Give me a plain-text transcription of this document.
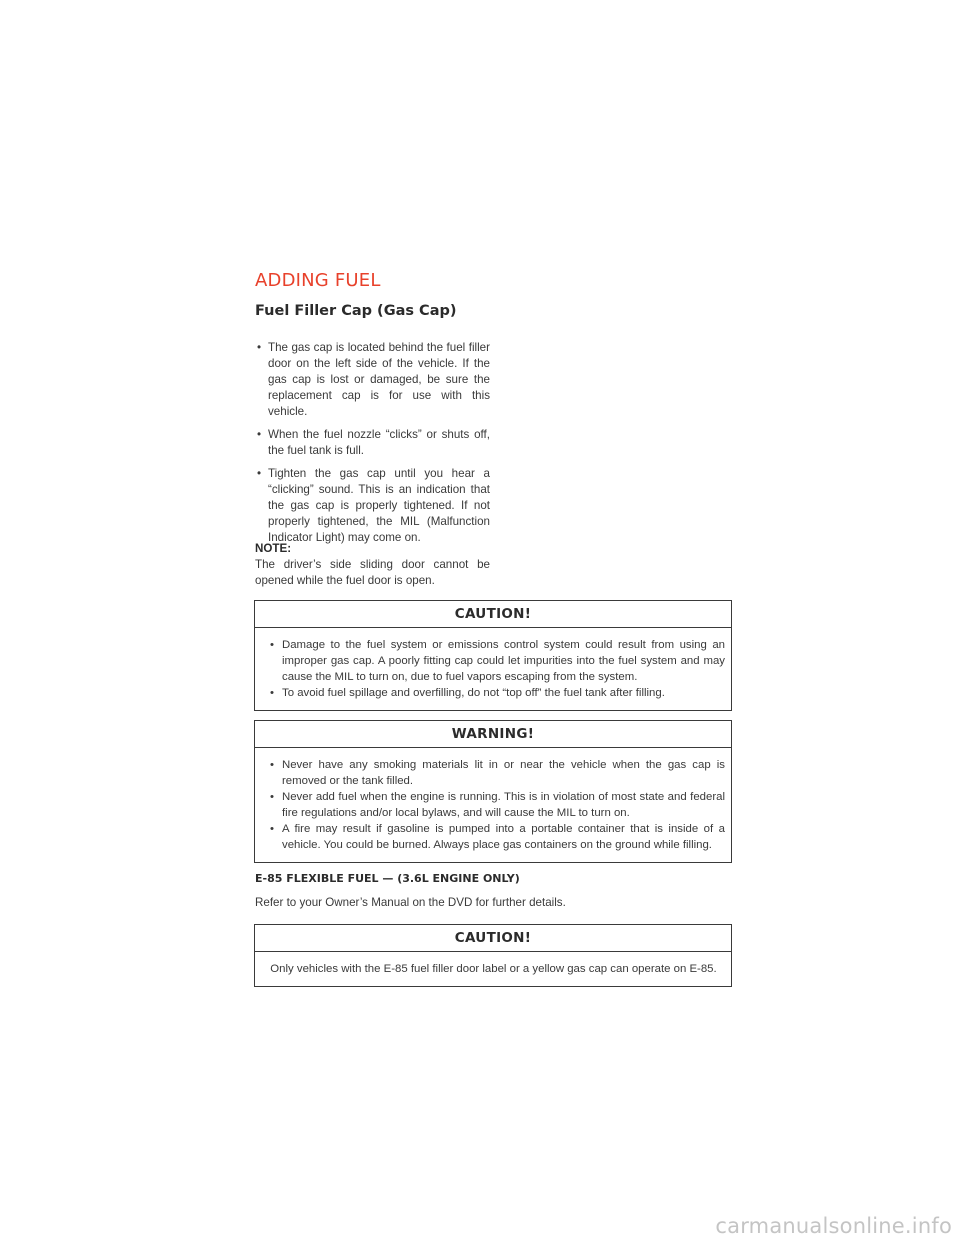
ADDING FUEL
Fuel Filler Cap (Gas Cap)
• The gas cap is located behind the fuel filler door on the left side of the vehicle. If the gas cap is lost or damaged, be sure the replacement cap is for use with this vehicle.
• When the fuel nozzle “clicks” or shuts off, the fuel tank is full.
• Tighten the gas cap until you hear a “clicking” sound. This is an indication that the gas cap is properly tightened. If not properly tightened, the MIL (Malfunction Indicator Light) may come on.
NOTE:
The driver’s side sliding door cannot be opened while the fuel door is open.
CAUTION!
• Damage to the fuel system or emissions control system could result from using an improper gas cap. A poorly fitting cap could let impurities into the fuel system and may cause the MIL to turn on, due to fuel vapors escaping from the system.
• To avoid fuel spillage and overfilling, do not “top off” the fuel tank after filling.
WARNING!
• Never have any smoking materials lit in or near the vehicle when the gas cap is removed or the tank filled.
• Never add fuel when the engine is running. This is in violation of most state and federal fire regulations and/or local bylaws, and will cause the MIL to turn on.
• A fire may result if gasoline is pumped into a portable container that is inside of a vehicle. You could be burned. Always place gas containers on the ground while filling.
E-85 FLEXIBLE FUEL — (3.6L ENGINE ONLY)

Refer to your Owner’s Manual on the DVD for further details.

CAUTION!

Only vehicles with the E-85 fuel filler door label or a yellow gas cap can operate on E-85.

carmanualsonline.info
